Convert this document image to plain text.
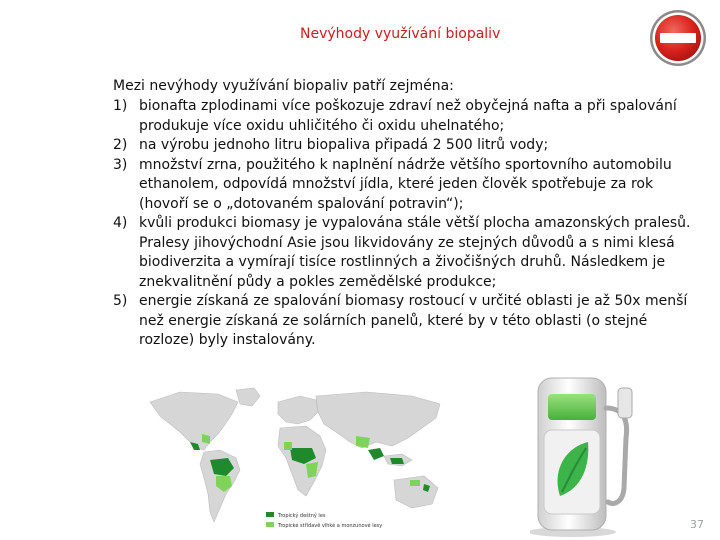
Nevýhody využívání biopaliv
Mezi nevýhody využívání biopaliv patří zejména:
1) bionafta zplodinami více poškozuje zdraví než obyčejná nafta a při spalování produkuje více oxidu uhličitého či oxidu uhelnatého;
2) na výrobu jednoho litru biopaliva připadá 2 500 litrů vody;
3) množství zrna, použitého k naplnění nádrže většího sportovního automobilu ethanolem, odpovídá množství jídla, které jeden člověk spotřebuje za rok (hovoří se o „dotovaném spalování potravin“);
4) kvůli produkci biomasy je vypalována stále větší plocha amazonských pralesů. Pralesy jihovýchodní Asie jsou likvidovány ze stejných důvodů a s nimi klesá biodiverzita a vymírají tisíce rostlinných a živočišných druhů. Následkem je znekvalitnění půdy a pokles zemědělské produkce;
5) energie získaná ze spalování biomasy rostoucí v určité oblasti je až 50x menší než energie získaná ze solárních panelů, které by v této oblasti (o stejné rozloze) byly instalovány.
Tropický deštný les
Tropické střídavě vlhké a monzunové lesy	37
